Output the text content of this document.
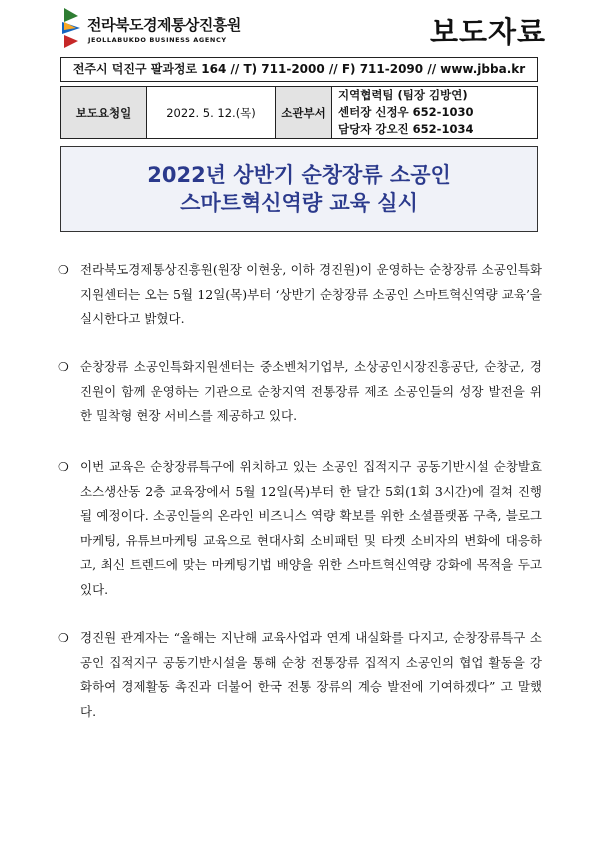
전라북도경제통상진흥원
JEOLLABUKDO BUSINESS AGENCY	보도자료
전주시 덕진구 팔과정로 164 // T) 711-2000 // F) 711-2090 // www.jbba.kr
보도요청일	2022. 5. 12.(목)	소관부서	
지역협력팀 (팀장 김방연)
센터장 신정우 652-1030
담당자 강오진 652-1034
2022년 상반기 순창장류 소공인
스마트혁신역량 교육 실시
❍ 전라북도경제통상진흥원(원장 이현웅, 이하 경진원)이 운영하는 순창장류 소공인특화지원센터는 오는 5월 12일(목)부터 ‘상반기 순창장류 소공인 스마트혁신역량 교육’을 실시한다고 밝혔다.
❍ 순창장류 소공인특화지원센터는 중소벤처기업부, 소상공인시장진흥공단, 순창군, 경진원이 함께 운영하는 기관으로 순창지역 전통장류 제조 소공인들의 성장 발전을 위한 밀착형 현장 서비스를 제공하고 있다.
❍ 이번 교육은 순창장류특구에 위치하고 있는 소공인 집적지구 공동기반시설 순창발효소스생산동 2층 교육장에서 5월 12일(목)부터 한 달간 5회(1회 3시간)에 걸쳐 진행될 예정이다. 소공인들의 온라인 비즈니스 역량 확보를 위한 소셜플랫폼 구축, 블로그마케팅, 유튜브마케팅 교육으로 현대사회 소비패턴 및 타켓 소비자의 변화에 대응하고, 최신 트렌드에 맞는 마케팅기법 배양을 위한 스마트혁신역량 강화에 목적을 두고 있다.
❍ 경진원 관계자는 “올해는 지난해 교육사업과 연계 내실화를 다지고, 순창장류특구 소공인 집적지구 공동기반시설을 통해 순창 전통장류 집적지 소공인의 협업 활동을 강화하여 경제활동 촉진과 더불어 한국 전통 장류의 계승 발전에 기여하겠다” 고 말했다.
